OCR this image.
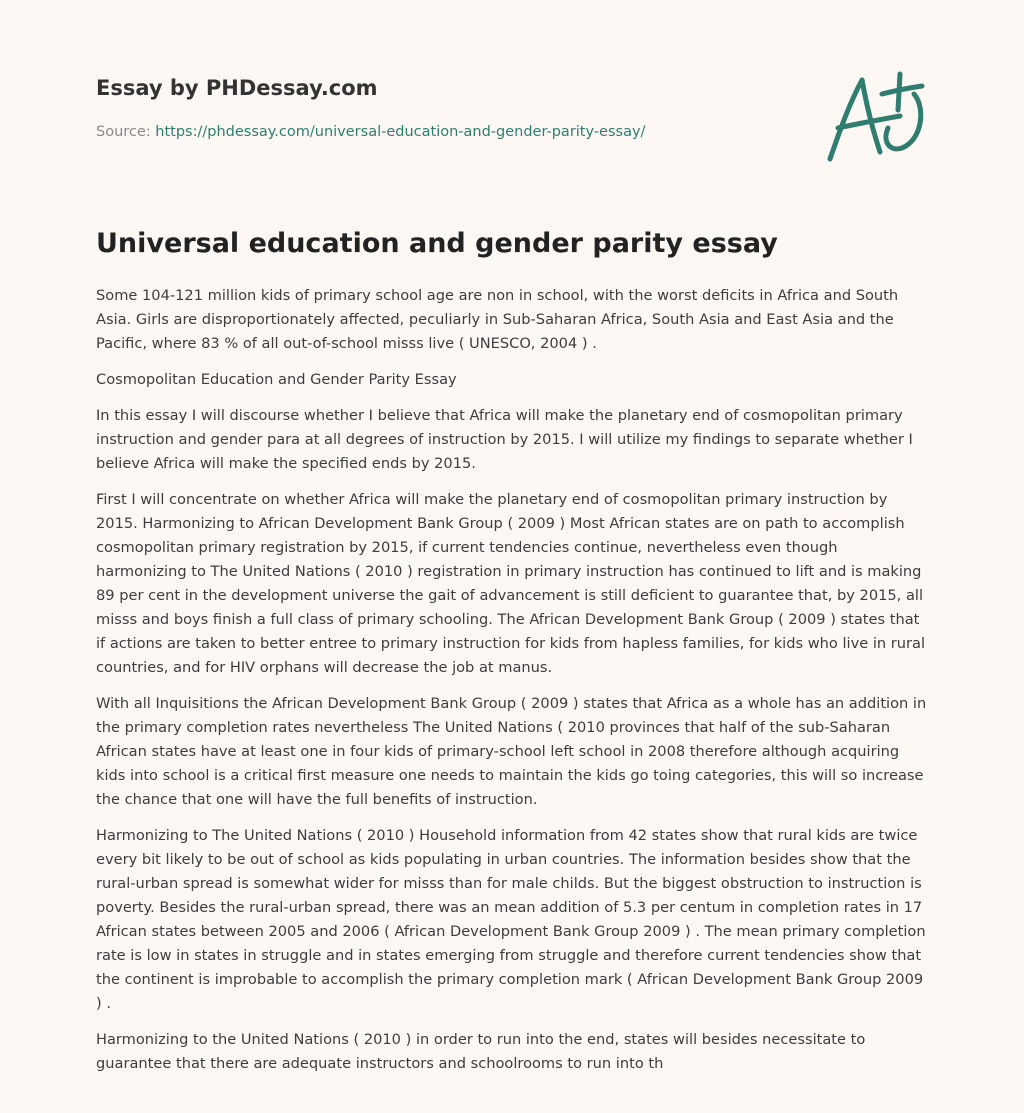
Essay by PHDessay.com
Source: https://phdessay.com/universal-education-and-gender-parity-essay/
Universal education and gender parity essay

Some 104-121 million kids of primary school age are non in school, with the worst deficits in Africa and South Asia. Girls are disproportionately affected, peculiarly in Sub-Saharan Africa, South Asia and East Asia and the Pacific, where 83 % of all out-of-school misss live ( UNESCO, 2004 ) .

Cosmopolitan Education and Gender Parity Essay

In this essay I will discourse whether I believe that Africa will make the planetary end of cosmopolitan primary instruction and gender para at all degrees of instruction by 2015. I will utilize my findings to separate whether I believe Africa will make the specified ends by 2015.

First I will concentrate on whether Africa will make the planetary end of cosmopolitan primary instruction by 2015. Harmonizing to African Development Bank Group ( 2009 ) Most African states are on path to accomplish cosmopolitan primary registration by 2015, if current tendencies continue, nevertheless even though harmonizing to The United Nations ( 2010 ) registration in primary instruction has continued to lift and is making 89 per cent in the development universe the gait of advancement is still deficient to guarantee that, by 2015, all misss and boys finish a full class of primary schooling. The African Development Bank Group ( 2009 ) states that if actions are taken to better entree to primary instruction for kids from hapless families, for kids who live in rural countries, and for HIV orphans will decrease the job at manus.

With all Inquisitions the African Development Bank Group ( 2009 ) states that Africa as a whole has an addition in the primary completion rates nevertheless The United Nations ( 2010 provinces that half of the sub-Saharan African states have at least one in four kids of primary-school left school in 2008 therefore although acquiring kids into school is a critical first measure one needs to maintain the kids go toing categories, this will so increase the chance that one will have the full benefits of instruction.

Harmonizing to The United Nations ( 2010 ) Household information from 42 states show that rural kids are twice every bit likely to be out of school as kids populating in urban countries. The information besides show that the rural-urban spread is somewhat wider for misss than for male childs. But the biggest obstruction to instruction is poverty. Besides the rural-urban spread, there was an mean addition of 5.3 per centum in completion rates in 17 African states between 2005 and 2006 ( African Development Bank Group 2009 ) . The mean primary completion rate is low in states in struggle and in states emerging from struggle and therefore current tendencies show that the continent is improbable to accomplish the primary completion mark ( African Development Bank Group 2009 ) .

Harmonizing to the United Nations ( 2010 ) in order to run into the end, states will besides necessitate to guarantee that there are adequate instructors and schoolrooms to run into th
